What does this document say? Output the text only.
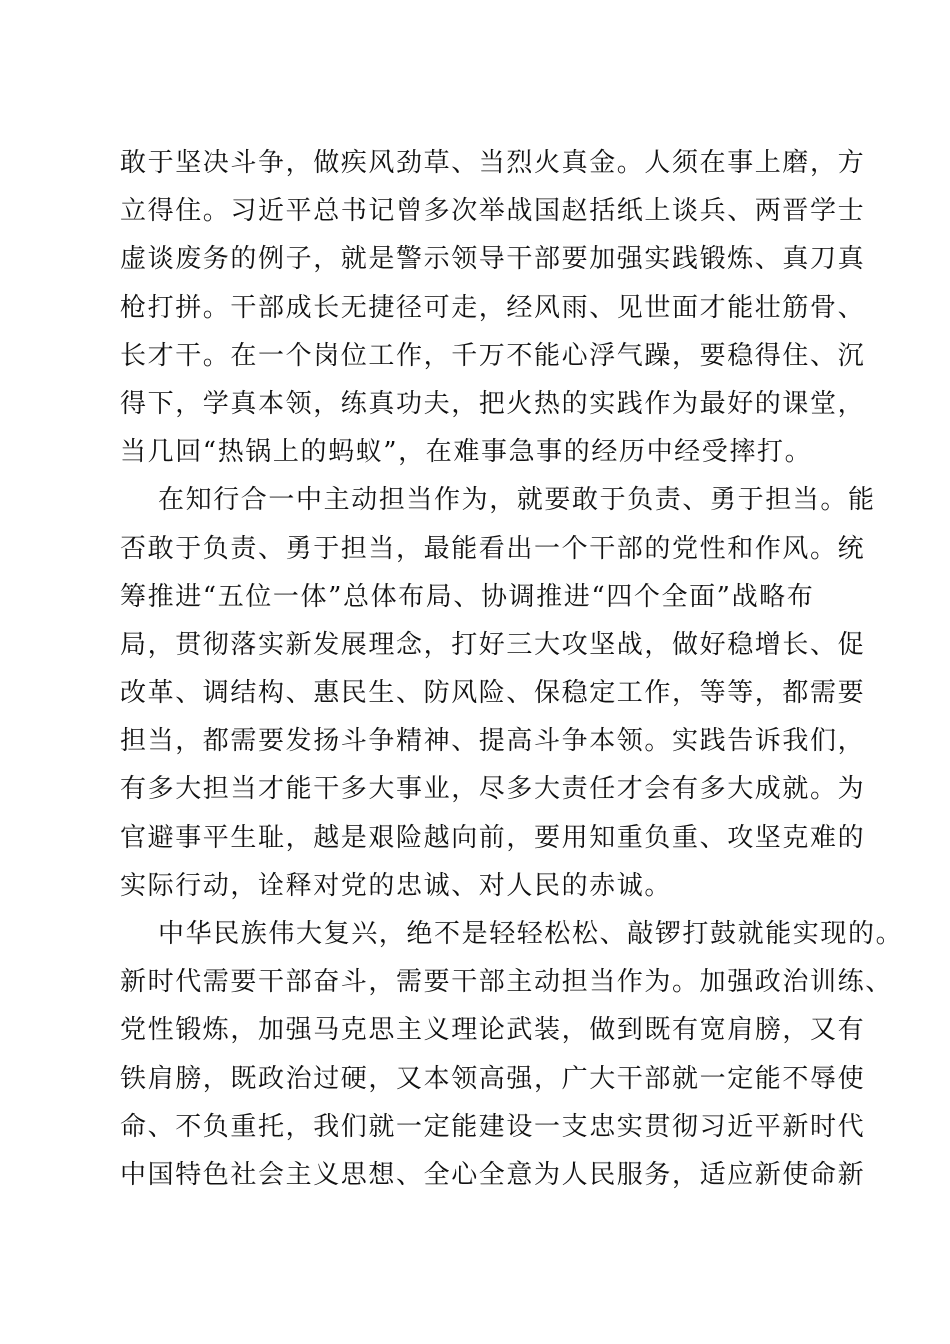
敢于坚决斗争，做疾风劲草、当烈火真金。人须在事上磨，方
立得住。习近平总书记曾多次举战国赵括纸上谈兵、两晋学士
虚谈废务的例子，就是警示领导干部要加强实践锻炼、真刀真
枪打拼。干部成长无捷径可走，经风雨、见世面才能壮筋骨、
长才干。在一个岗位工作，千万不能心浮气躁，要稳得住、沉
得下，学真本领，练真功夫，把火热的实践作为最好的课堂，
当几回“热锅上的蚂蚁”，在难事急事的经历中经受摔打。
在知行合一中主动担当作为，就要敢于负责、勇于担当。能
否敢于负责、勇于担当，最能看出一个干部的党性和作风。统
筹推进“五位一体”总体布局、协调推进“四个全面”战略布
局，贯彻落实新发展理念，打好三大攻坚战，做好稳增长、促
改革、调结构、惠民生、防风险、保稳定工作，等等，都需要
担当，都需要发扬斗争精神、提高斗争本领。实践告诉我们，
有多大担当才能干多大事业，尽多大责任才会有多大成就。为
官避事平生耻，越是艰险越向前，要用知重负重、攻坚克难的
实际行动，诠释对党的忠诚、对人民的赤诚。
中华民族伟大复兴，绝不是轻轻松松、敲锣打鼓就能实现的。
新时代需要干部奋斗，需要干部主动担当作为。加强政治训练、
党性锻炼，加强马克思主义理论武装，做到既有宽肩膀，又有
铁肩膀，既政治过硬，又本领高强，广大干部就一定能不辱使
命、不负重托，我们就一定能建设一支忠实贯彻习近平新时代
中国特色社会主义思想、全心全意为人民服务，适应新使命新
